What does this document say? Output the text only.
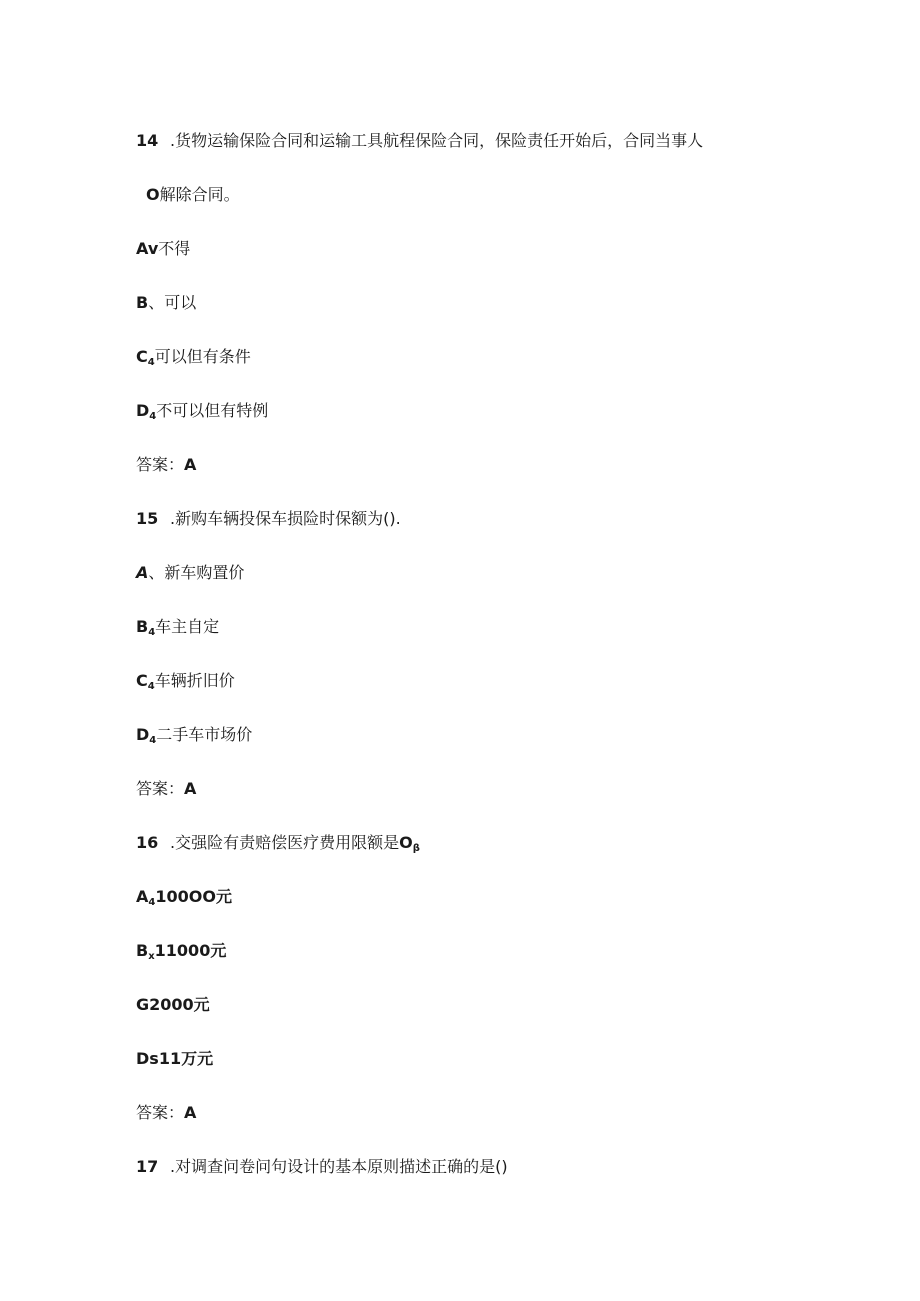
14 .货物运输保险合同和运输工具航程保险合同，保险责任开始后，合同当事人
O解除合同。
Av不得
B、可以
$C_4$可以但有条件
$D_4$不可以但有特例
答案：A
15 .新购车辆投保车损险时保额为().
A、新车购置价
$B_4$车主自定
$C_4$车辆折旧价
$D_4$二手车市场价
答案：A
16 .交强险有责赔偿医疗费用限额是$O_\beta$
$A_4100OO$元
$B_x11000$元
G2000元
Ds11万元
答案：A
17 .对调查问卷问句设计的基本原则描述正确的是()
